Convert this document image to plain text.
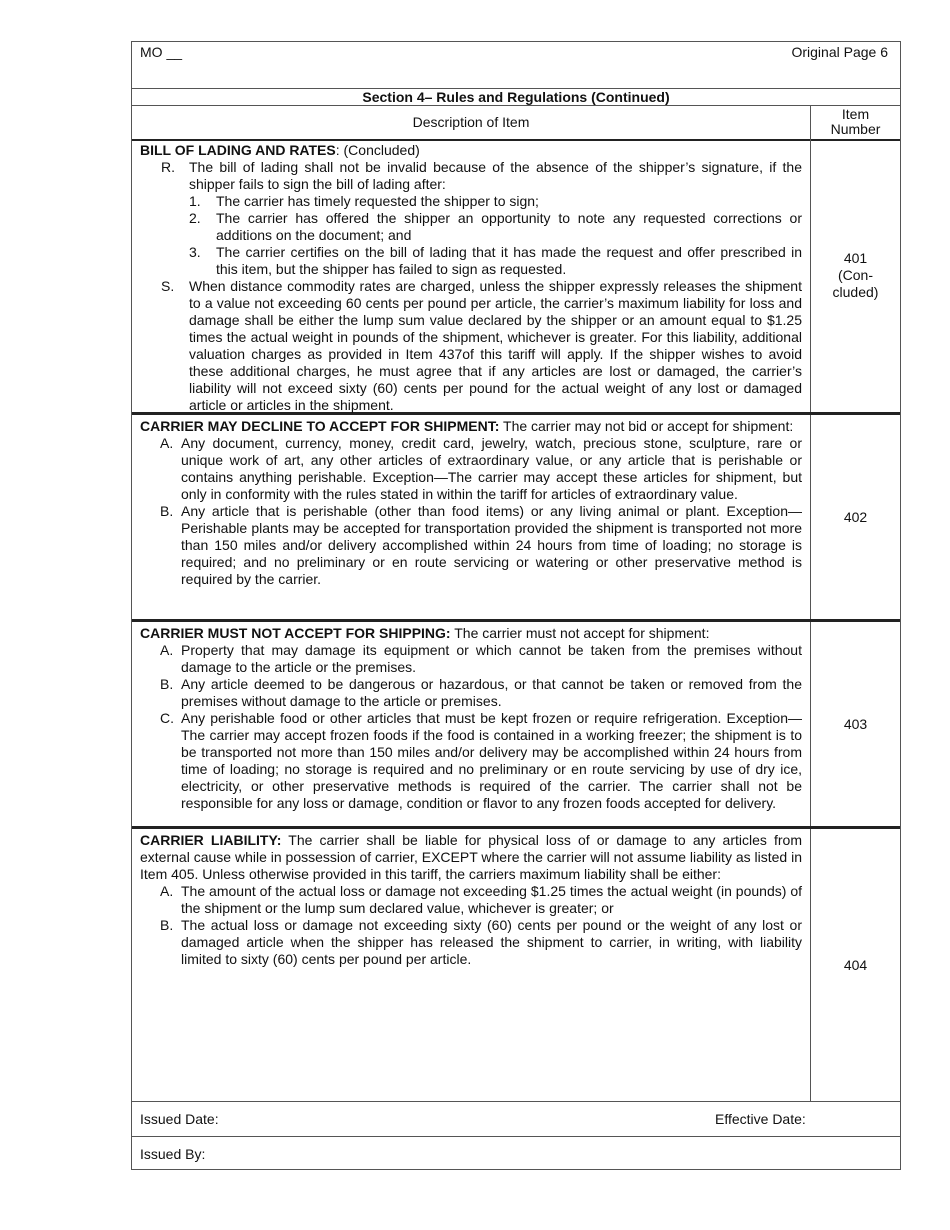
MO __	Original Page 6
Section 4– Rules and Regulations (Continued)
Description of Item	Item
Number
BILL OF LADING AND RATES: (Concluded)
R. The bill of lading shall not be invalid because of the absence of the shipper’s signature, if the shipper fails to sign the bill of lading after:
1. The carrier has timely requested the shipper to sign;
2. The carrier has offered the shipper an opportunity to note any requested corrections or additions on the document; and
3. The carrier certifies on the bill of lading that it has made the request and offer prescribed in this item, but the shipper has failed to sign as requested.
S. When distance commodity rates are charged, unless the shipper expressly releases the shipment to a value not exceeding 60 cents per pound per article, the carrier’s maximum liability for loss and damage shall be either the lump sum value declared by the shipper or an amount equal to $1.25 times the actual weight in pounds of the shipment, whichever is greater. For this liability, additional valuation charges as provided in Item 437of this tariff will apply. If the shipper wishes to avoid these additional charges, he must agree that if any articles are lost or damaged, the carrier’s liability will not exceed sixty (60) cents per pound for the actual weight of any lost or damaged article or articles in the shipment.
401
(Con-
cluded)
CARRIER MAY DECLINE TO ACCEPT FOR SHIPMENT: The carrier may not bid or accept for shipment:
A. Any document, currency, money, credit card, jewelry, watch, precious stone, sculpture, rare or unique work of art, any other articles of extraordinary value, or any article that is perishable or contains anything perishable. Exception—The carrier may accept these articles for shipment, but only in conformity with the rules stated in within the tariff for articles of extraordinary value.
B. Any article that is perishable (other than food items) or any living animal or plant. Exception— Perishable plants may be accepted for transportation provided the shipment is transported not more than 150 miles and/or delivery accomplished within 24 hours from time of loading; no storage is required; and no preliminary or en route servicing or watering or other preservative method is required by the carrier.
402
CARRIER MUST NOT ACCEPT FOR SHIPPING: The carrier must not accept for shipment:
A. Property that may damage its equipment or which cannot be taken from the premises without damage to the article or the premises.
B. Any article deemed to be dangerous or hazardous, or that cannot be taken or removed from the premises without damage to the article or premises.
C. Any perishable food or other articles that must be kept frozen or require refrigeration. Exception—The carrier may accept frozen foods if the food is contained in a working freezer; the shipment is to be transported not more than 150 miles and/or delivery may be accomplished within 24 hours from time of loading; no storage is required and no preliminary or en route servicing by use of dry ice, electricity, or other preservative methods is required of the carrier. The carrier shall not be responsible for any loss or damage, condition or flavor to any frozen foods accepted for delivery.
403
CARRIER LIABILITY: The carrier shall be liable for physical loss of or damage to any articles from external cause while in possession of carrier, EXCEPT where the carrier will not assume liability as listed in Item 405. Unless otherwise provided in this tariff, the carriers maximum liability shall be either:
A. The amount of the actual loss or damage not exceeding $1.25 times the actual weight (in pounds) of the shipment or the lump sum declared value, whichever is greater; or
B. The actual loss or damage not exceeding sixty (60) cents per pound or the weight of any lost or damaged article when the shipper has released the shipment to carrier, in writing, with liability limited to sixty (60) cents per pound per article.	404
Issued Date:	Effective Date:
Issued By:
